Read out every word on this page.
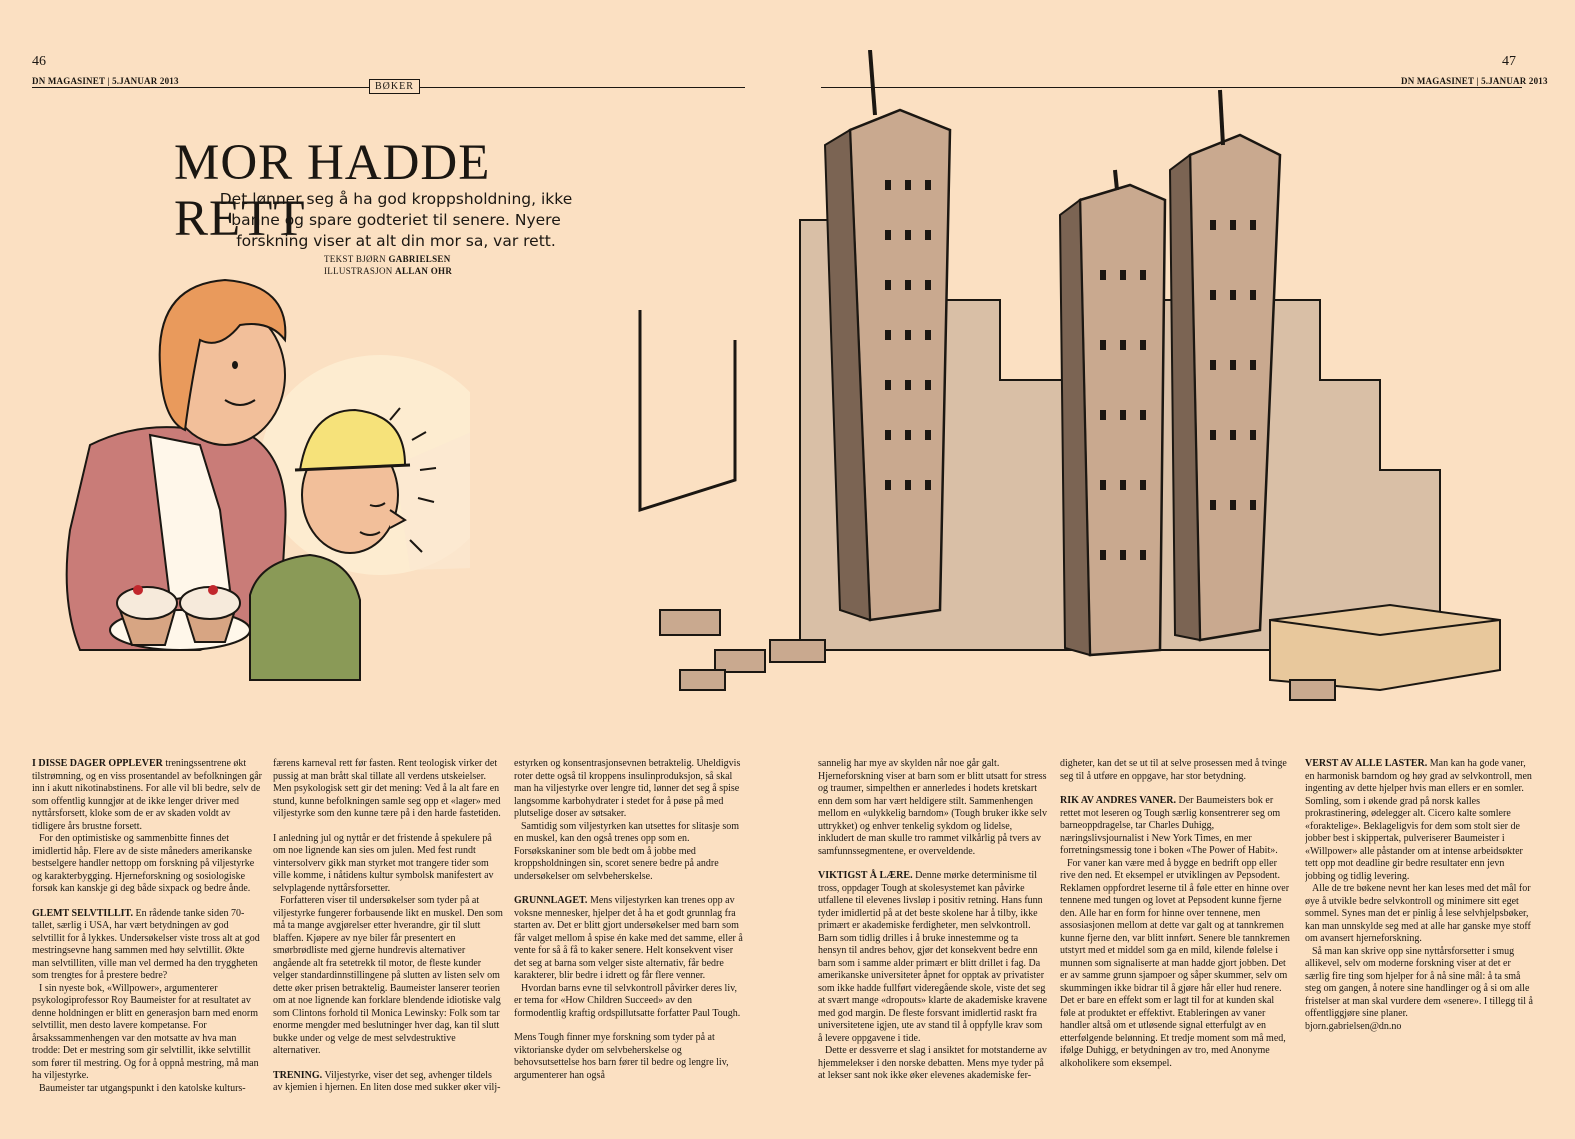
46
DN MAGASINET | 5.JANUAR 2013	BØKER
47
DN MAGASINET | 5.JANUAR 2013
MOR HADDE RETT
Det lønner seg å ha god kroppsholdning, ikke banne og spare godteriet til senere. Nyere forskning viser at alt din mor sa, var rett.
TEKST BJØRN GABRIELSEN
ILLUSTRASJON ALLAN OHR

I DISSE DAGER OPPLEVER treningssentrene økt tilstrømning, og en viss prosentandel av befolkningen går inn i akutt nikotinabstinens. For alle vil bli bedre, selv de som offentlig kunngjør at de ikke lenger driver med nyttårsforsett, kloke som de er av skaden voldt av tidligere års brustne forsett.

For den optimistiske og sammenbitte finnes det imidlertid håp. Flere av de siste måneders amerikanske bestselgere handler nettopp om forskning på viljestyrke og karakterbygging. Hjerneforskning og sosiologiske forsøk kan kanskje gi deg både sixpack og bedre ånde.

GLEMT SELVTILLIT. En rådende tanke siden 70-tallet, særlig i USA, har vært betydningen av god selvtillit for å lykkes. Undersøkelser viste tross alt at god mestringsevne hang sammen med høy selvtillit. Økte man selvtilliten, ville man vel dermed ha den tryggheten som trengtes for å prestere bedre?

I sin nyeste bok, «Willpower», argumenterer psykologiprofessor Roy Baumeister for at resultatet av denne holdningen er blitt en generasjon barn med enorm selvtillit, men desto lavere kompetanse. For årsakssammenhengen var den motsatte av hva man trodde: Det er mestring som gir selvtillit, ikke selvtillit som fører til mestring. Og for å oppnå mestring, må man ha viljestyrke.

Baumeister tar utgangspunkt i den katolske kulturs-

færens karneval rett før fasten. Rent teologisk virker det pussig at man brått skal tillate all verdens utskeielser. Men psykologisk sett gir det mening: Ved å la alt fare en stund, kunne befolkningen samle seg opp et «lager» med viljestyrke som den kunne tære på i den harde fastetiden.

I anledning jul og nyttår er det fristende å spekulere på om noe lignende kan sies om julen. Med fest rundt vintersolverv gikk man styrket mot trangere tider som ville komme, i nåtidens kultur symbolsk manifestert av selvplagende nyttårsforsetter.

Forfatteren viser til undersøkelser som tyder på at viljestyrke fungerer forbausende likt en muskel. Den som må ta mange avgjørelser etter hverandre, gir til slutt blaffen. Kjøpere av nye biler får presentert en smørbrødliste med gjerne hundrevis alternativer angående alt fra setetrekk til motor, de fleste kunder velger standardinnstillingene på slutten av listen selv om dette øker prisen betraktelig. Baumeister lanserer teorien om at noe lignende kan forklare blendende idiotiske valg som Clintons forhold til Monica Lewinsky: Folk som tar enorme mengder med beslutninger hver dag, kan til slutt bukke under og velge de mest selvdestruktive alternativer.

TRENING. Viljestyrke, viser det seg, avhenger tildels av kjemien i hjernen. En liten dose med sukker øker vilj-

estyrken og konsentrasjonsevnen betraktelig. Uheldigvis roter dette også til kroppens insulinproduksjon, så skal man ha viljestyrke over lengre tid, lønner det seg å spise langsomme karbohydrater i stedet for å pøse på med plutselige doser av søtsaker.

Samtidig som viljestyrken kan utsettes for slitasje som en muskel, kan den også trenes opp som en. Forsøkskaniner som ble bedt om å jobbe med kroppsholdningen sin, scoret senere bedre på andre undersøkelser om selvbeherskelse.

GRUNNLAGET. Mens viljestyrken kan trenes opp av voksne mennesker, hjelper det å ha et godt grunnlag fra starten av. Det er blitt gjort undersøkelser med barn som får valget mellom å spise én kake med det samme, eller å vente for så å få to kaker senere. Helt konsekvent viser det seg at barna som velger siste alternativ, får bedre karakterer, blir bedre i idrett og får flere venner.

Hvordan barns evne til selvkontroll påvirker deres liv, er tema for «How Children Succeed» av den formodentlig kraftig ordspillutsatte forfatter Paul Tough.

Mens Tough finner mye forskning som tyder på at viktorianske dyder om selvbeherskelse og behovsutsettelse hos barn fører til bedre og lengre liv, argumenterer han også

sannelig har mye av skylden når noe går galt. Hjerneforskning viser at barn som er blitt utsatt for stress og traumer, simpelthen er annerledes i hodets kretskart enn dem som har vært heldigere stilt. Sammenhengen mellom en «ulykkelig barndom» (Tough bruker ikke selv uttrykket) og enhver tenkelig sykdom og lidelse, inkludert de man skulle tro rammet vilkårlig på tvers av samfunnssegmentene, er overveldende.

VIKTIGST Å LÆRE. Denne mørke determinisme til tross, oppdager Tough at skolesystemet kan påvirke utfallene til elevenes livsløp i positiv retning. Hans funn tyder imidlertid på at det beste skolene har å tilby, ikke primært er akademiske ferdigheter, men selvkontroll. Barn som tidlig drilles i å bruke innestemme og ta hensyn til andres behov, gjør det konsekvent bedre enn barn som i samme alder primært er blitt drillet i fag. Da amerikanske universiteter åpnet for opptak av privatister som ikke hadde fullført videregående skole, viste det seg at svært mange «dropouts» klarte de akademiske kravene med god margin. De fleste forsvant imidlertid raskt fra universitetene igjen, ute av stand til å oppfylle krav som å levere oppgavene i tide.

Dette er dessverre et slag i ansiktet for motstanderne av hjemmelekser i den norske debatten. Mens mye tyder på at lekser sant nok ikke øker elevenes akademiske fer-

digheter, kan det se ut til at selve prosessen med å tvinge seg til å utføre en oppgave, har stor betydning.

RIK AV ANDRES VANER. Der Baumeisters bok er rettet mot leseren og Tough særlig konsentrerer seg om barneoppdragelse, tar Charles Duhigg, næringslivsjournalist i New York Times, en mer forretningsmessig tone i boken «The Power of Habit».

For vaner kan være med å bygge en bedrift opp eller rive den ned. Et eksempel er utviklingen av Pepsodent. Reklamen oppfordret leserne til å føle etter en hinne over tennene med tungen og lovet at Pepsodent kunne fjerne den. Alle har en form for hinne over tennene, men assosiasjonen mellom at dette var galt og at tannkremen kunne fjerne den, var blitt innført. Senere ble tannkremen utstyrt med et middel som ga en mild, kilende følelse i munnen som signaliserte at man hadde gjort jobben. Det er av samme grunn sjampoer og såper skummer, selv om skummingen ikke bidrar til å gjøre hår eller hud renere. Det er bare en effekt som er lagt til for at kunden skal føle at produktet er effektivt. Etableringen av vaner handler altså om et utløsende signal etterfulgt av en etterfølgende belønning. Et tredje moment som må med, ifølge Duhigg, er betydningen av tro, med Anonyme alkoholikere som eksempel.

VERST AV ALLE LASTER. Man kan ha gode vaner, en harmonisk barndom og høy grad av selvkontroll, men ingenting av dette hjelper hvis man ellers er en somler. Somling, som i økende grad på norsk kalles prokrastinering, ødelegger alt. Cicero kalte somlere «foraktelige». Beklageligvis for dem som stolt sier de jobber best i skippertak, pulveriserer Baumeister i «Willpower» alle påstander om at intense arbeidsøkter tett opp mot deadline gir bedre resultater enn jevn jobbing og tidlig levering.

Alle de tre bøkene nevnt her kan leses med det mål for øye å utvikle bedre selvkontroll og minimere sitt eget sommel. Synes man det er pinlig å lese selvhjelpsbøker, kan man unnskylde seg med at alle har ganske mye stoff om avansert hjerneforskning.

Så man kan skrive opp sine nyttårsforsetter i smug allikevel, selv om moderne forskning viser at det er særlig fire ting som hjelper for å nå sine mål: å ta små steg om gangen, å notere sine handlinger og å si om alle fristelser at man skal vurdere dem «senere». I tillegg til å offentliggjøre sine planer.

bjorn.gabrielsen@dn.no
